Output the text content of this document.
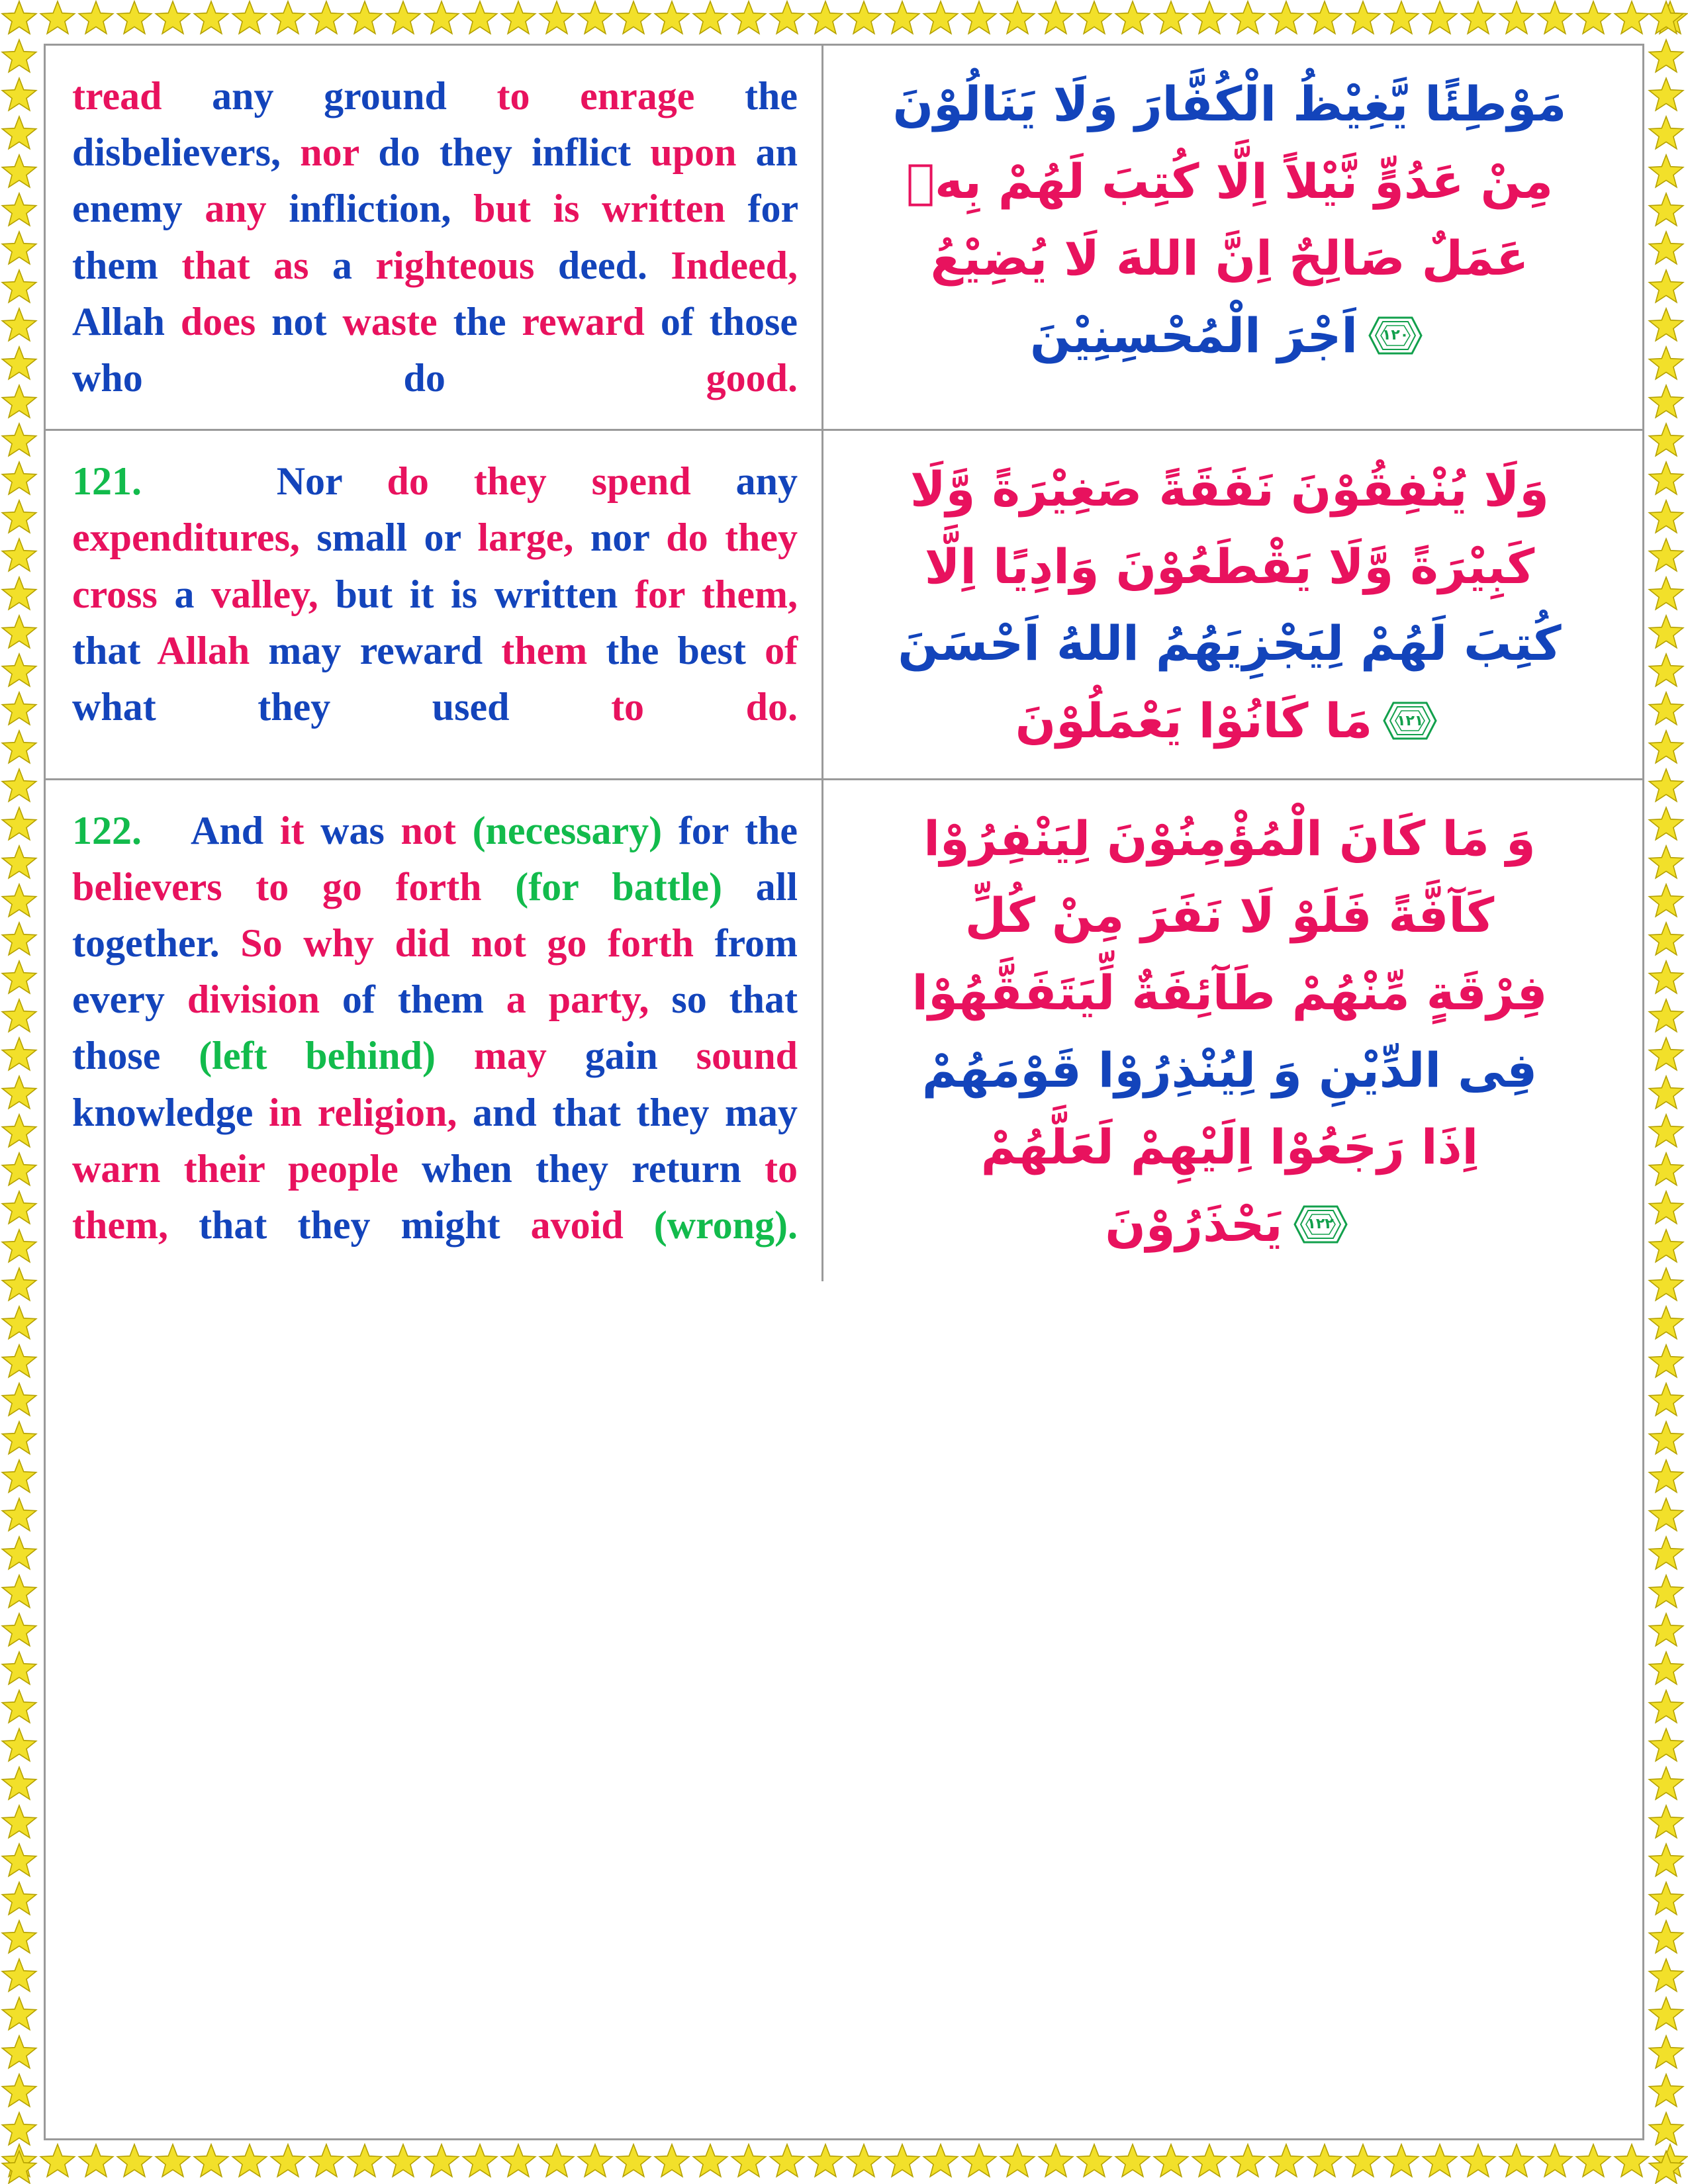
tread any ground to enrage the disbelievers, nor do they inflict upon an enemy any infliction, but is written for them that as a righteous deed. Indeed, Allah does not waste the reward of those who do	good.
مَوْطِئًا يَّغِيْظُ الْكُفَّارَ وَلَا يَنَالُوْنَ
مِنْ عَدُوٍّ نَّيْلاً اِلَّا كُتِبَ لَهُمْ بِهٖ
عَمَلٌ صَالِحٌ اِنَّ اللهَ لَا يُضِيْعُ
اَجْرَ الْمُحْسِنِيْنَ	١٢٠
121.	Nor do they spend any expenditures, small or large, nor do they cross a valley, but it is written for them, that Allah may reward them the best of what they used	to do.
وَلَا يُنْفِقُوْنَ نَفَقَةً صَغِيْرَةً وَّلَا
كَبِيْرَةً وَّلَا يَقْطَعُوْنَ وَادِيًا اِلَّا
كُتِبَ لَهُمْ لِيَجْزِيَهُمُ اللهُ اَحْسَنَ
مَا كَانُوْا يَعْمَلُوْنَ	١٢١
122. And it was not (necessary) for the believers to go forth (for battle) all together. So why did not go forth from every division of them a party, so that those (left behind) may gain sound knowledge in religion, and that they may warn their people when they return to them, that they might avoid (wrong).
وَ مَا كَانَ الْمُؤْمِنُوْنَ لِيَنْفِرُوْا
كَآفَّةً فَلَوْ لَا نَفَرَ مِنْ كُلِّ
فِرْقَةٍ مِّنْهُمْ طَآئِفَةٌ لِّيَتَفَقَّهُوْا
فِى الدِّيْنِ وَ لِيُنْذِرُوْا قَوْمَهُمْ
اِذَا رَجَعُوْا اِلَيْهِمْ لَعَلَّهُمْ
يَحْذَرُوْنَ	١٢٢
